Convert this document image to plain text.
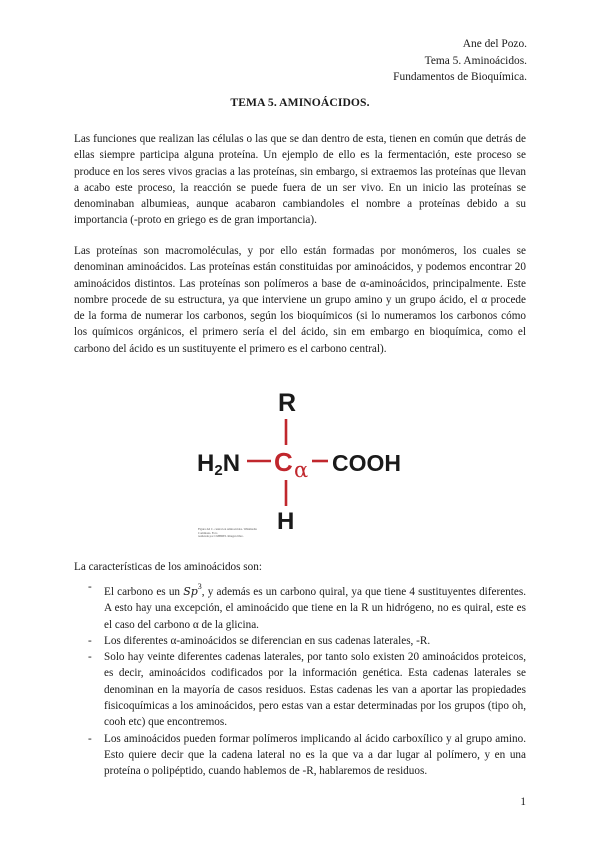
Ane del Pozo.
Tema 5. Aminoácidos.
Fundamentos de Bioquímica.
TEMA 5. AMINOÁCIDOS.

Las funciones que realizan las células o las que se dan dentro de esta, tienen en común que detrás de ellas siempre participa alguna proteína. Un ejemplo de ello es la fermentación, este proceso se produce en los seres vivos gracias a las proteínas, sin embargo, si extraemos las proteínas que llevan a acabo este proceso, la reacción se puede fuera de un ser vivo. En un inicio las proteínas se denominaban albumieas, aunque acabaron cambiandoles el nombre a proteínas debido a su importancia (-proto en griego es de gran importancia).

Las proteínas son macromoléculas, y por ello están formadas por monómeros, los cuales se denominan aminoácidos. Las proteínas están constituidas por aminoácidos, y podemos encontrar 20 aminoácidos distintos. Las proteínas son polímeros a base de α-aminoácidos, principalmente. Este nombre procede de su estructura, ya que interviene un grupo amino y un grupo ácido, el α procede de la forma de numerar los carbonos, según los bioquímicos (si lo numeramos los carbonos cómo los químicos orgánicos, el primero sería el del ácido, sin em embargo en bioquímica, como el carbono del ácido es un sustituyente el primero es el carbono central).

R
H2N C α COOH
H
Figura del C. central en aminoácidos. Wikimedia Commons. Foto
realizada por CMBDEI. Imagen libre.
La características de los aminoácidos son:
- El carbono es un Sp$^3$, y además es un carbono quiral, ya que tiene 4 sustituyentes diferentes. A esto hay una excepción, el aminoácido que tiene en la R un hidrógeno, no es quiral, este es el caso del carbono α de la glicina.
- Los diferentes α-aminoácidos se diferencian en sus cadenas laterales, -R.
- Solo hay veinte diferentes cadenas laterales, por tanto solo existen 20 aminoácidos proteicos, es decir, aminoácidos codificados por la información genética. Esta cadenas laterales se denominan en la mayoría de casos residuos. Estas cadenas les van a aportar las propiedades fisicoquímicas a los aminoácidos, pero estas van a estar determinadas por los grupos (tipo oh, cooh etc) que encontremos.
- Los aminoácidos pueden formar polímeros implicando al ácido carboxílico y al grupo amino. Esto quiere decir que la cadena lateral no es la que va a dar lugar al polímero, y en una proteína o polipéptido, cuando hablemos de -R, hablaremos de residuos.
1
